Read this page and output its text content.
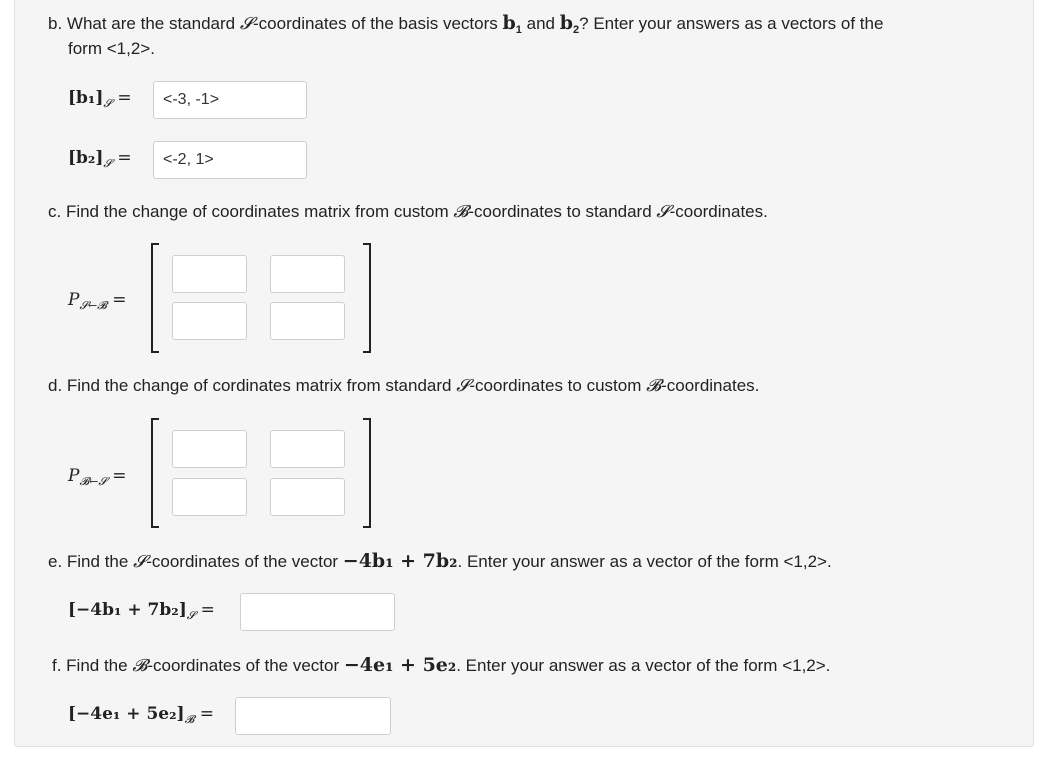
b. What are the standard 𝓢-coordinates of the basis vectors $b_1$ and $b_2$? Enter your answers as a vectors of the
form <1,2>.
$[b_1]_𝓢$ =
<-3, -1>
$[b_2]_𝓢$ =
<-2, 1>
c. Find the change of coordinates matrix from custom 𝓑-coordinates to standard 𝓢-coordinates.
$P_{𝓢\leftarrow 𝓑}$ =
d. Find the change of cordinates matrix from standard 𝓢-coordinates to custom 𝓑-coordinates.
$P_{𝓑\leftarrow 𝓢}$ =
e. Find the 𝓢-coordinates of the vector −4b₁ + 7b₂. Enter your answer as a vector of the form <1,2>.
$[-4b_1 + 7b_2]_𝓢$ =
f. Find the 𝓑-coordinates of the vector −4e₁ + 5e₂. Enter your answer as a vector of the form <1,2>.
$[-4e_1 + 5e_2]_𝓑$ =
